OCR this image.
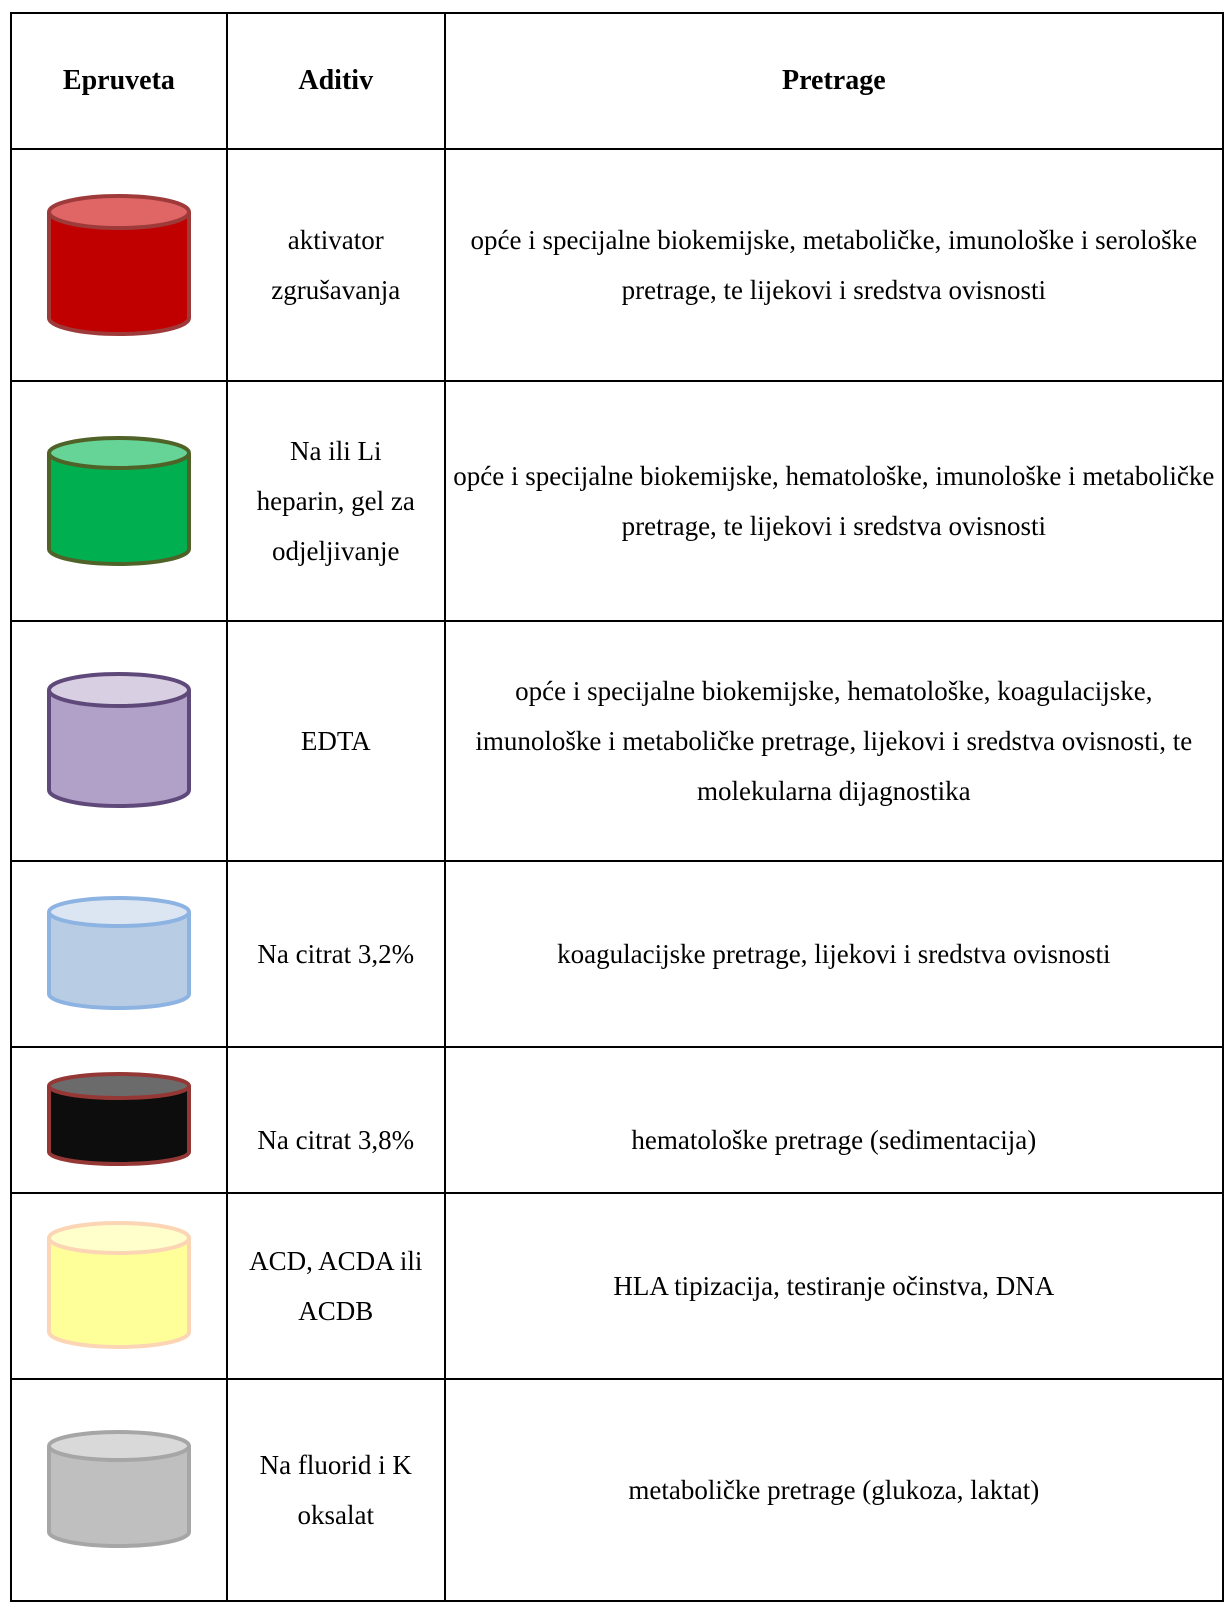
Epruveta	Aditiv	Pretrage

	aktivator zgrušavanja	opće i specijalne biokemijske, metaboličke, imunološke i serološke pretrage, te lijekovi i sredstva ovisnosti

	Na ili Li heparin, gel za odjeljivanje	opće i specijalne biokemijske, hematološke, imunološke i metaboličke pretrage, te lijekovi i sredstva ovisnosti

	EDTA	opće i specijalne biokemijske, hematološke, koagulacijske, imunološke i metaboličke pretrage, lijekovi i sredstva ovisnosti, te molekularna dijagnostika

	Na citrat 3,2%	koagulacijske pretrage, lijekovi i sredstva ovisnosti

	Na citrat 3,8%	hematološke pretrage (sedimentacija)

	ACD, ACDA ili ACDB	HLA tipizacija, testiranje očinstva, DNA

	Na fluorid i K oksalat	metaboličke pretrage (glukoza, laktat)
